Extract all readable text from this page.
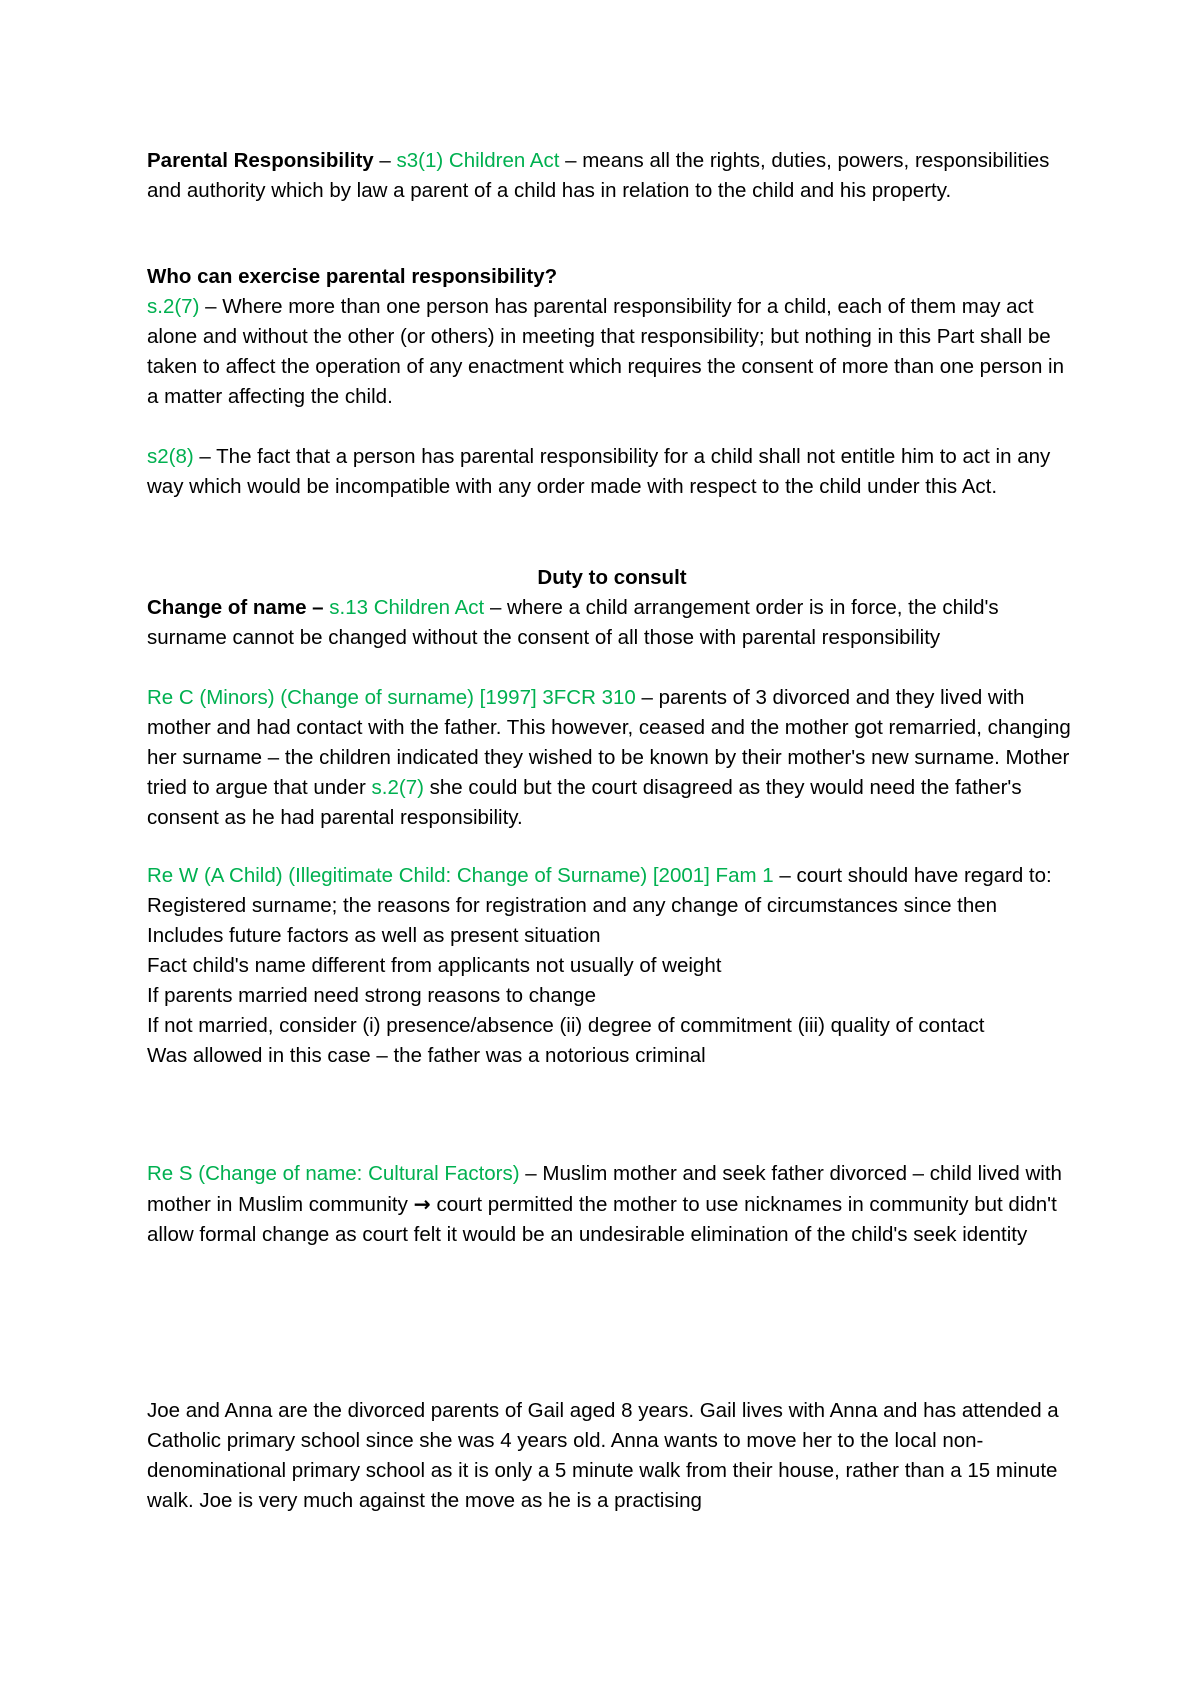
Parental Responsibility – s3(1) Children Act – means all the rights, duties, powers, responsibilities and authority which by law a parent of a child has in relation to the child and his property.
Who can exercise parental responsibility?
s.2(7) – Where more than one person has parental responsibility for a child, each of them may act alone and without the other (or others) in meeting that responsibility; but nothing in this Part shall be taken to affect the operation of any enactment which requires the consent of more than one person in a matter affecting the child.
s2(8) – The fact that a person has parental responsibility for a child shall not entitle him to act in any way which would be incompatible with any order made with respect to the child under this Act.
Duty to consult
Change of name – s.13 Children Act – where a child arrangement order is in force, the child's surname cannot be changed without the consent of all those with parental responsibility
Re C (Minors) (Change of surname) [1997] 3FCR 310 – parents of 3 divorced and they lived with mother and had contact with the father. This however, ceased and the mother got remarried, changing her surname – the children indicated they wished to be known by their mother's new surname. Mother tried to argue that under s.2(7) she could but the court disagreed as they would need the father's consent as he had parental responsibility.
Re W (A Child) (Illegitimate Child: Change of Surname) [2001] Fam 1 – court should have regard to:
Registered surname; the reasons for registration and any change of circumstances since then
Includes future factors as well as present situation
Fact child's name different from applicants not usually of weight
If parents married need strong reasons to change
If not married, consider (i) presence/absence (ii) degree of commitment (iii) quality of contact
Was allowed in this case – the father was a notorious criminal
Re S (Change of name: Cultural Factors) – Muslim mother and seek father divorced – child lived with mother in Muslim community → court permitted the mother to use nicknames in community but didn't allow formal change as court felt it would be an undesirable elimination of the child's seek identity
Joe and Anna are the divorced parents of Gail aged 8 years. Gail lives with Anna and has attended a Catholic primary school since she was 4 years old. Anna wants to move her to the local non-denominational primary school as it is only a 5 minute walk from their house, rather than a 15 minute walk. Joe is very much against the move as he is a practising
